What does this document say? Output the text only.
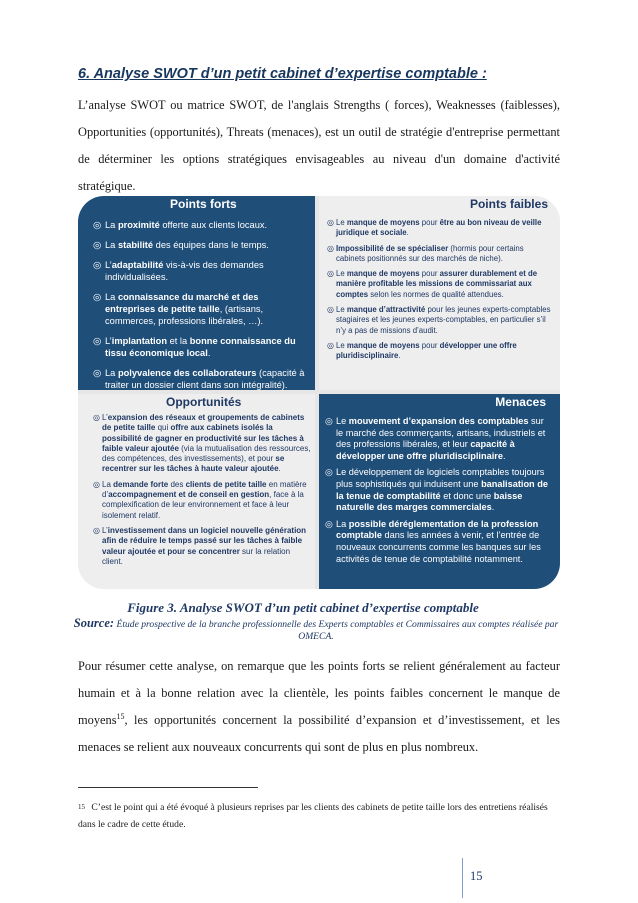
6. Analyse SWOT d’un petit cabinet d’expertise comptable :
L’analyse SWOT ou matrice SWOT, de l'anglais Strengths ( forces), Weaknesses (faiblesses), Opportunities (opportunités), Threats (menaces), est un outil de stratégie d'entreprise permettant de déterminer les options stratégiques envisageables au niveau d'un domaine d'activité stratégique.
Points forts
◎ La proximité offerte aux clients locaux.
◎ La stabilité des équipes dans le temps.
◎ L’adaptabilité vis-à-vis des demandes individualisées.
◎ La connaissance du marché et des entreprises de petite taille, (artisans, commerces, professions libérales, …).
◎ L’implantation et la bonne connaissance du tissu économique local.
◎ La polyvalence des collaborateurs (capacité à traiter un dossier client dans son intégralité).
Points faibles
◎ Le manque de moyens pour être au bon niveau de veille juridique et sociale.
◎ Impossibilité de se spécialiser (hormis pour certains cabinets positionnés sur des marchés de niche).
◎ Le manque de moyens pour assurer durablement et de manière profitable les missions de commissariat aux comptes selon les normes de qualité attendues.
◎ Le manque d’attractivité pour les jeunes experts-comptables stagiaires et les jeunes experts-comptables, en particulier s’il n’y a pas de missions d’audit.
◎ Le manque de moyens pour développer une offre pluridisciplinaire.
Opportunités
◎ L’expansion des réseaux et groupements de cabinets de petite taille qui offre aux cabinets isolés la possibilité de gagner en productivité sur les tâches à faible valeur ajoutée (via la mutualisation des ressources, des compétences, des investissements), et pour se recentrer sur les tâches à haute valeur ajoutée.
◎ La demande forte des clients de petite taille en matière d’accompagnement et de conseil en gestion, face à la complexification de leur environnement et face à leur isolement relatif.
◎ L’investissement dans un logiciel nouvelle génération afin de réduire le temps passé sur les tâches à faible valeur ajoutée et pour se concentrer sur la relation client.
Menaces
◎ Le mouvement d’expansion des comptables sur le marché des commerçants, artisans, industriels et des professions libérales, et leur capacité à développer une offre pluridisciplinaire.
◎ Le développement de logiciels comptables toujours plus sophistiqués qui induisent une banalisation de la tenue de comptabilité et donc une baisse naturelle des marges commerciales.
◎ La possible déréglementation de la profession comptable dans les années à venir, et l’entrée de nouveaux concurrents comme les banques sur les activités de tenue de comptabilité notamment.
Figure 3. Analyse SWOT d’un petit cabinet d’expertise comptable
Source: Étude prospective de la branche professionnelle des Experts comptables et Commissaires aux comptes réalisée par OMECA.
Pour résumer cette analyse, on remarque que les points forts se relient généralement au facteur humain et à la bonne relation avec la clientèle, les points faibles concernent le manque de moyens$^{15}$, les opportunités concernent la possibilité d’expansion et d’investissement, et les menaces se relient aux nouveaux concurrents qui sont de plus en plus nombreux.
$^{15}$ C’est le point qui a été évoqué à plusieurs reprises par les clients des cabinets de petite taille lors des entretiens réalisés dans le cadre de cette étude.
15
